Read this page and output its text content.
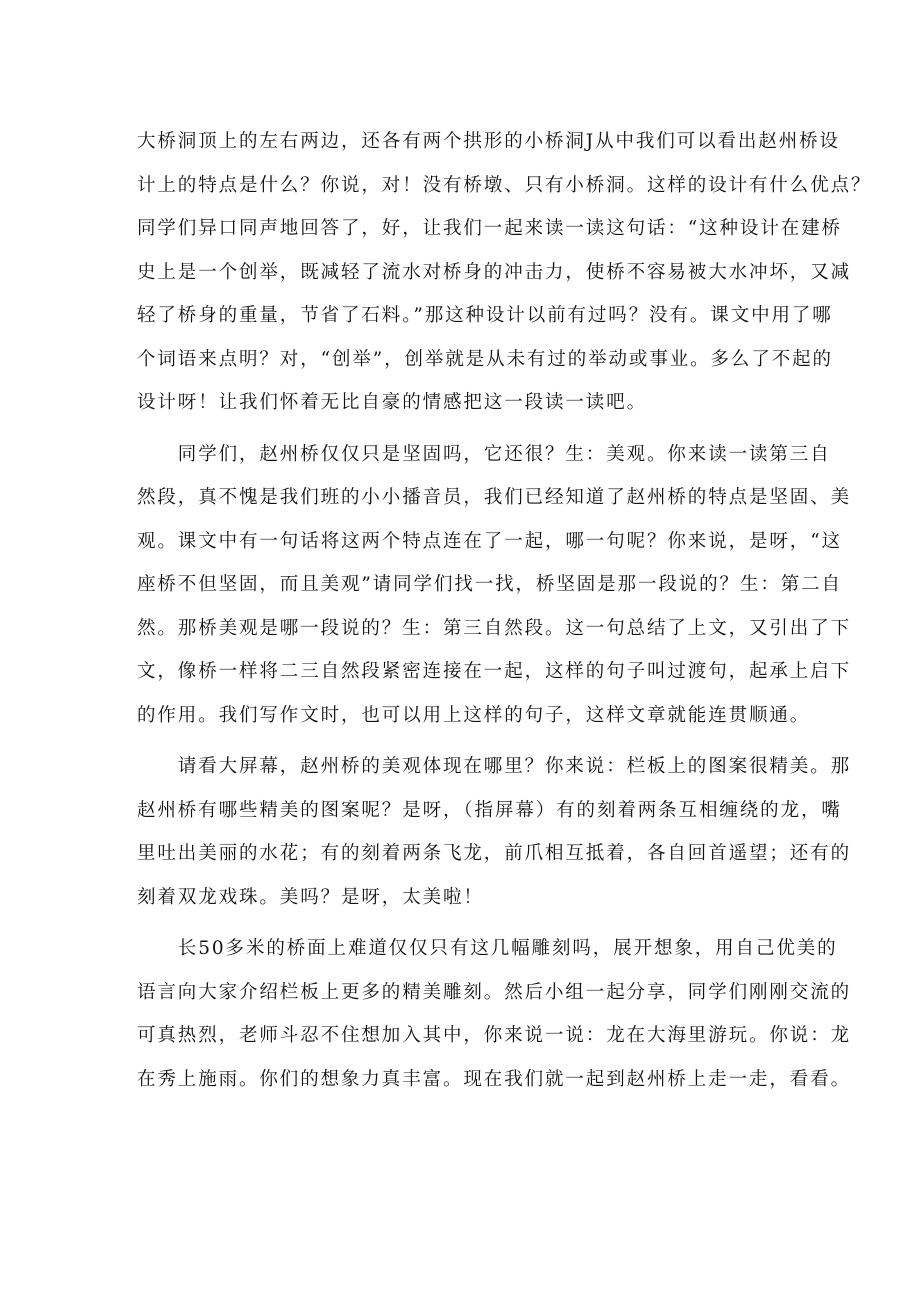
大桥洞顶上的左右两边，还各有两个拱形的小桥洞J从中我们可以看出赵州桥设
计上的特点是什么？你说，对！没有桥墩、只有小桥洞。这样的设计有什么优点？
同学们异口同声地回答了，好，让我们一起来读一读这句话：“这种设计在建桥
史上是一个创举，既减轻了流水对桥身的冲击力，使桥不容易被大水冲坏，又减
轻了桥身的重量，节省了石料。”那这种设计以前有过吗？没有。课文中用了哪
个词语来点明？对，“创举”，创举就是从未有过的举动或事业。多么了不起的
设计呀！让我们怀着无比自豪的情感把这一段读一读吧。
　　同学们，赵州桥仅仅只是坚固吗，它还很？生：美观。你来读一读第三自
然段，真不愧是我们班的小小播音员，我们已经知道了赵州桥的特点是坚固、美
观。课文中有一句话将这两个特点连在了一起，哪一句呢？你来说，是呀，“这
座桥不但坚固，而且美观”请同学们找一找，桥坚固是那一段说的？生：第二自
然。那桥美观是哪一段说的？生：第三自然段。这一句总结了上文，又引出了下
文，像桥一样将二三自然段紧密连接在一起，这样的句子叫过渡句，起承上启下
的作用。我们写作文时，也可以用上这样的句子，这样文章就能连贯顺通。
　　请看大屏幕，赵州桥的美观体现在哪里？你来说：栏板上的图案很精美。那
赵州桥有哪些精美的图案呢？是呀，（指屏幕）有的刻着两条互相缠绕的龙，嘴
里吐出美丽的水花；有的刻着两条飞龙，前爪相互抵着，各自回首遥望；还有的
刻着双龙戏珠。美吗？是呀，太美啦！
　　长50多米的桥面上难道仅仅只有这几幅雕刻吗，展开想象，用自己优美的
语言向大家介绍栏板上更多的精美雕刻。然后小组一起分享，同学们刚刚交流的
可真热烈，老师斗忍不住想加入其中，你来说一说：龙在大海里游玩。你说：龙
在秀上施雨。你们的想象力真丰富。现在我们就一起到赵州桥上走一走，看看。
